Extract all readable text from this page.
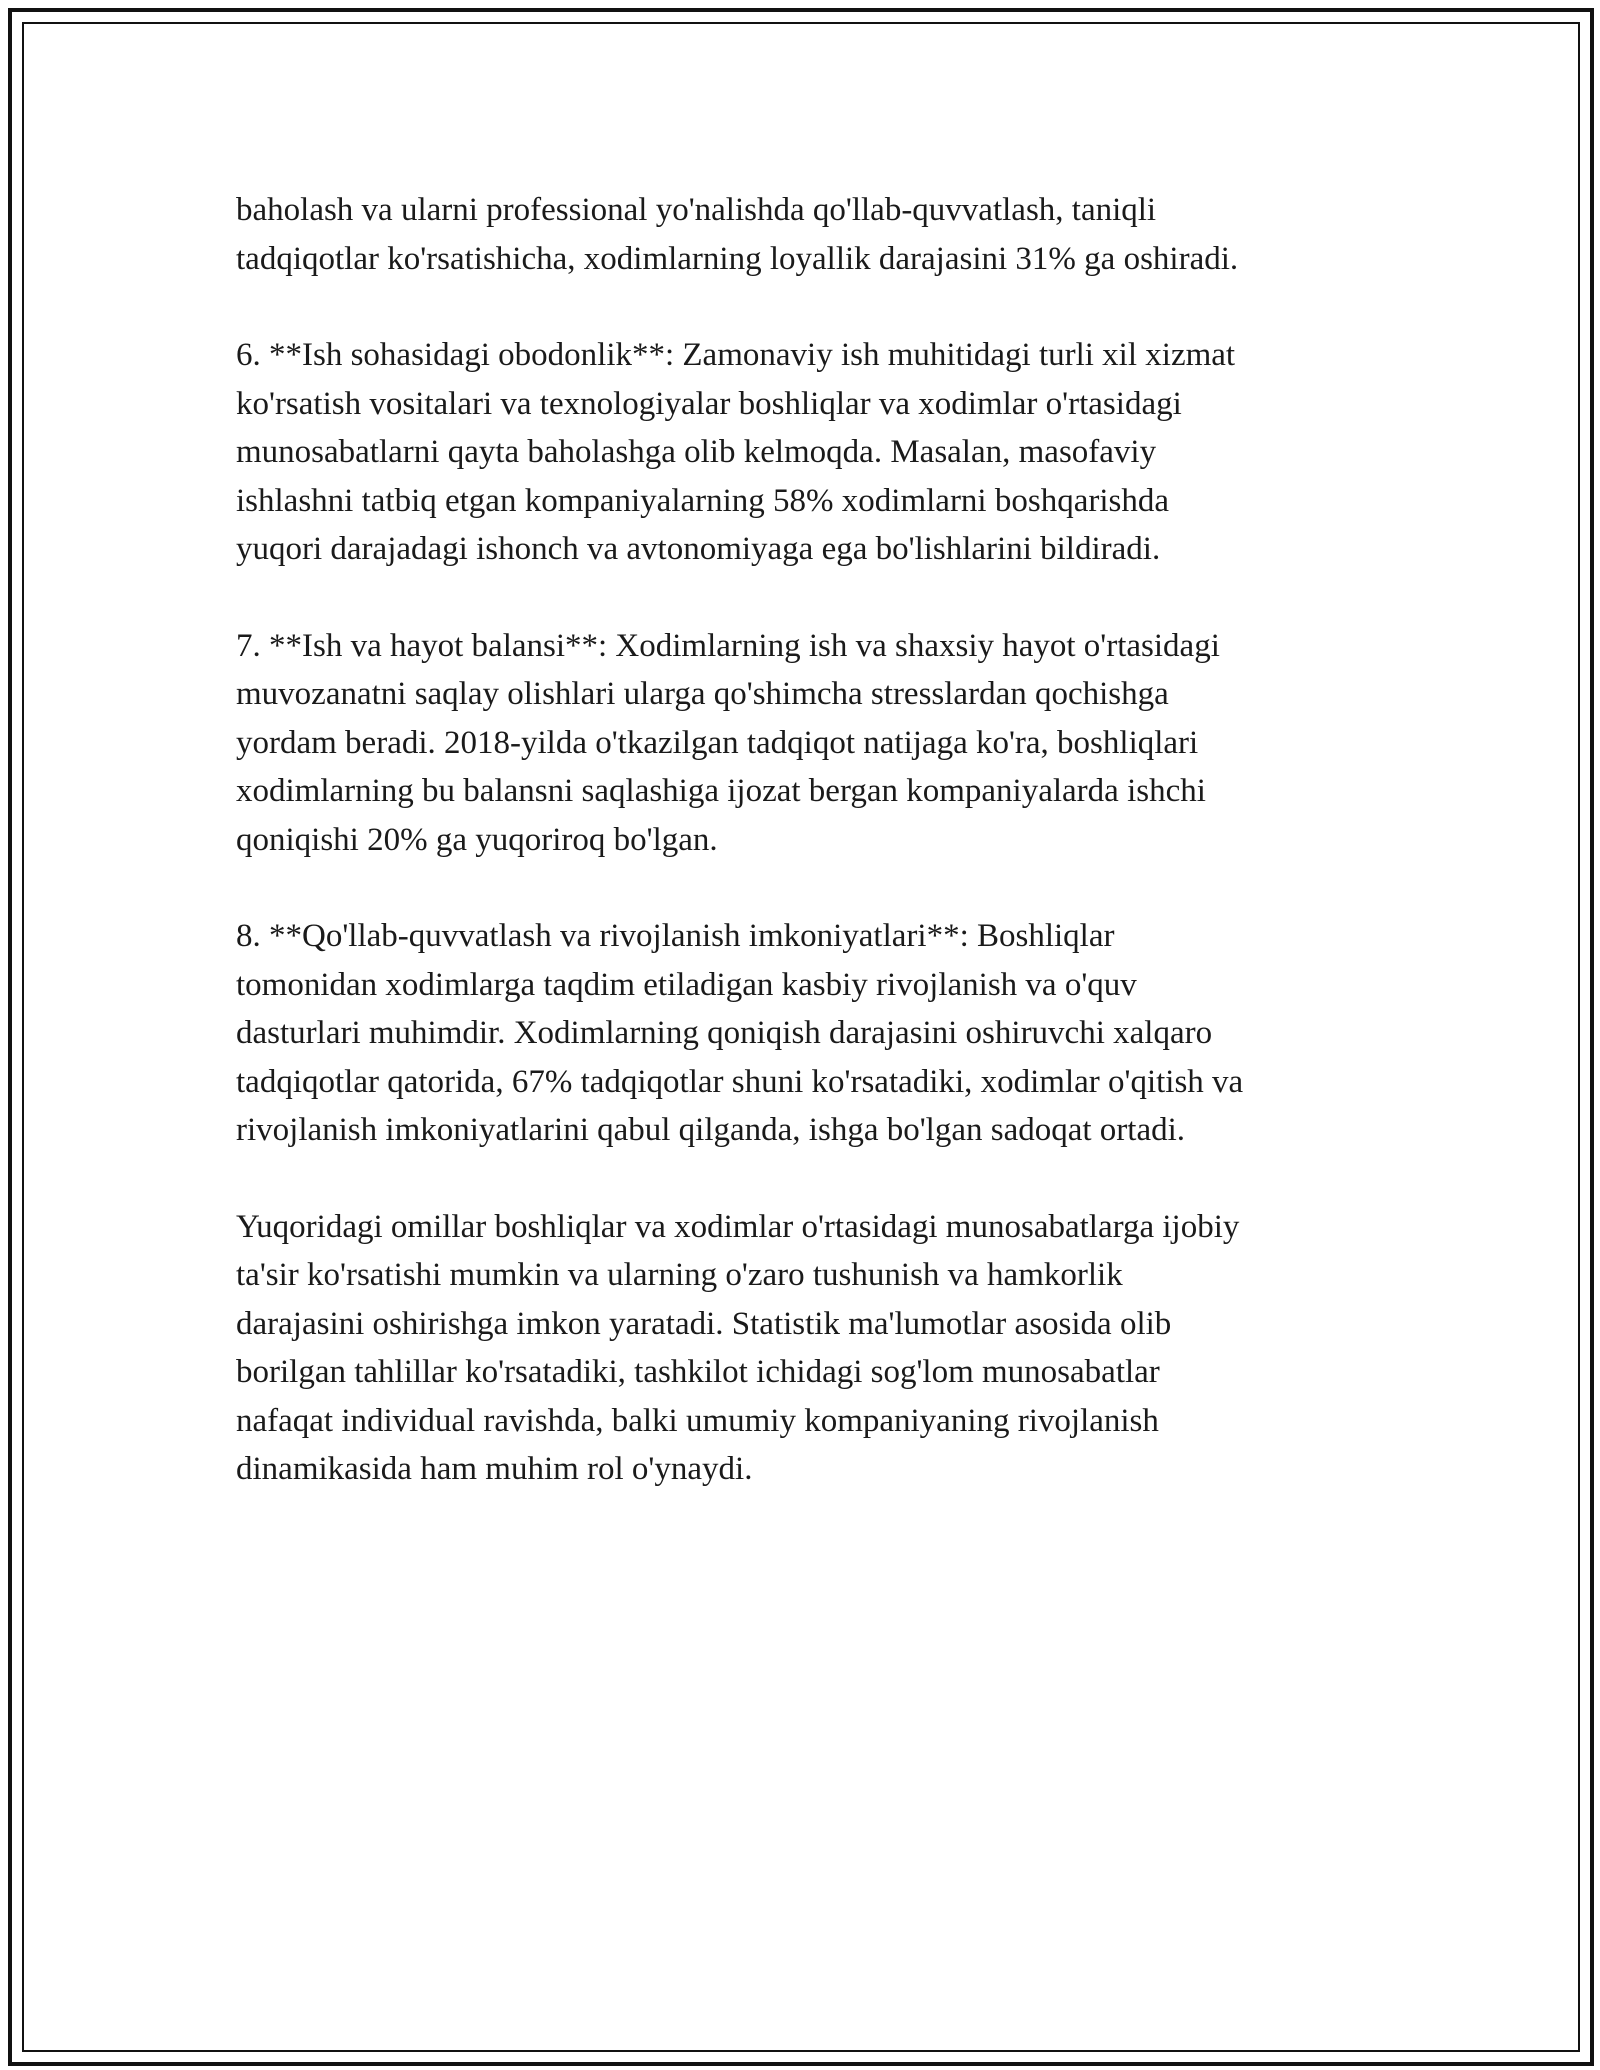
baholash va ularni professional yo'nalishda qo'llab-quvvatlash, taniqli
tadqiqotlar ko'rsatishicha, xodimlarning loyallik darajasini 31% ga oshiradi.

6. **Ish sohasidagi obodonlik**: Zamonaviy ish muhitidagi turli xil xizmat
ko'rsatish vositalari va texnologiyalar boshliqlar va xodimlar o'rtasidagi
munosabatlarni qayta baholashga olib kelmoqda. Masalan, masofaviy
ishlashni tatbiq etgan kompaniyalarning 58% xodimlarni boshqarishda
yuqori darajadagi ishonch va avtonomiyaga ega bo'lishlarini bildiradi.

7. **Ish va hayot balansi**: Xodimlarning ish va shaxsiy hayot o'rtasidagi
muvozanatni saqlay olishlari ularga qo'shimcha stresslardan qochishga
yordam beradi. 2018-yilda o'tkazilgan tadqiqot natijaga ko'ra, boshliqlari
xodimlarning bu balansni saqlashiga ijozat bergan kompaniyalarda ishchi
qoniqishi 20% ga yuqoriroq bo'lgan.

8. **Qo'llab-quvvatlash va rivojlanish imkoniyatlari**: Boshliqlar
tomonidan xodimlarga taqdim etiladigan kasbiy rivojlanish va o'quv
dasturlari muhimdir. Xodimlarning qoniqish darajasini oshiruvchi xalqaro
tadqiqotlar qatorida, 67% tadqiqotlar shuni ko'rsatadiki, xodimlar o'qitish va
rivojlanish imkoniyatlarini qabul qilganda, ishga bo'lgan sadoqat ortadi.

Yuqoridagi omillar boshliqlar va xodimlar o'rtasidagi munosabatlarga ijobiy
ta'sir ko'rsatishi mumkin va ularning o'zaro tushunish va hamkorlik
darajasini oshirishga imkon yaratadi. Statistik ma'lumotlar asosida olib
borilgan tahlillar ko'rsatadiki, tashkilot ichidagi sog'lom munosabatlar
nafaqat individual ravishda, balki umumiy kompaniyaning rivojlanish
dinamikasida ham muhim rol o'ynaydi.
